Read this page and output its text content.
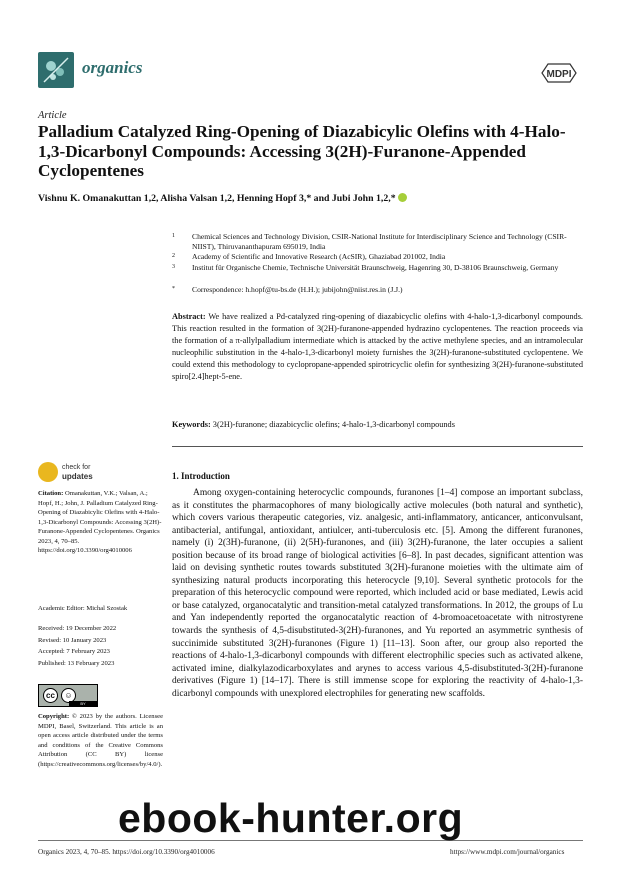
organics	MDPI
Article
Palladium Catalyzed Ring-Opening of Diazabicylic Olefins with 4-Halo-1,3-Dicarbonyl Compounds: Accessing 3(2H)-Furanone-Appended Cyclopentenes
Vishnu K. Omanakuttan 1,2, Alisha Valsan 1,2, Henning Hopf 3,* and Jubi John 1,2,*
1 Chemical Sciences and Technology Division, CSIR-National Institute for Interdisciplinary Science and Technology (CSIR-NIIST), Thiruvananthapuram 695019, India
2 Academy of Scientific and Innovative Research (AcSIR), Ghaziabad 201002, India
3 Institut für Organische Chemie, Technische Universität Braunschweig, Hagenring 30, D-38106 Braunschweig, Germany
* Correspondence: h.hopf@tu-bs.de (H.H.); jubijohn@niist.res.in (J.J.)

Abstract: We have realized a Pd-catalyzed ring-opening of diazabicyclic olefins with 4-halo-1,3-dicarbonyl compounds. This reaction resulted in the formation of 3(2H)-furanone-appended hydrazino cyclopentenes. The reaction proceeds via the formation of a π-allylpalladium intermediate which is attacked by the active methylene species, and an intramolecular nucleophilic substitution in the 4-halo-1,3-dicarbonyl moiety furnishes the 3(2H)-furanone-substituted cyclopentene. We could extend this methodology to cyclopropane-appended spirotricyclic olefin for synthesizing 3(2H)-furanone-substituted spiro[2.4]hept-5-ene.

Keywords: 3(2H)-furanone; diazabicyclic olefins; 4-halo-1,3-dicarbonyl compounds

check for
updates
Citation: Omanakuttan, V.K.; Valsan, A.; Hopf, H.; John, J. Palladium Catalyzed Ring-Opening of Diazabicylic Olefins with 4-Halo-1,3-Dicarbonyl Compounds: Accessing 3(2H)-Furanone-Appended Cyclopentenes. Organics 2023, 4, 70–85. https://doi.org/10.3390/org4010006
Academic Editor: Michal Szostak
Received: 19 December 2022
Revised: 10 January 2023
Accepted: 7 February 2023
Published: 13 February 2023
cc	☺
BY
Copyright: © 2023 by the authors. Licensee MDPI, Basel, Switzerland. This article is an open access article distributed under the terms and conditions of the Creative Commons Attribution (CC BY) license (https://creativecommons.org/licenses/by/4.0/).
1. Introduction

Among oxygen-containing heterocyclic compounds, furanones [1–4] compose an important subclass, as it constitutes the pharmacophores of many biologically active molecules (both natural and synthetic), which covers various therapeutic categories, viz. analgesic, anti-inflammatory, anticancer, anticonvulsant, antibacterial, antifungal, antioxidant, antiulcer, anti-tuberculosis etc. [5]. Among the different furanones, namely (i) 2(3H)-furanone, (ii) 2(5H)-furanones, and (iii) 3(2H)-furanone, the later occupies a salient position because of its broad range of biological activities [6–8]. In past decades, significant attention was laid on devising synthetic routes towards substituted 3(2H)-furanone moieties with the ultimate aim of synthesizing natural products incorporating this heterocycle [9,10]. Several synthetic protocols for the preparation of this heterocyclic compound were reported, which included acid or base mediated, Lewis acid or base catalyzed, organocatalytic and transition-metal catalyzed transformations. In 2012, the groups of Lu and Yan independently reported the organocatalytic reaction of 4-bromoacetoacetate with nitrostyrene towards the synthesis of 4,5-disubstituted-3(2H)-furanones, and Yu reported an asymmetric synthesis of succinimide substituted 3(2H)-furanones (Figure 1) [11–13]. Soon after, our group also reported the reactions of 4-halo-1,3-dicarbonyl compounds with different electrophilic species such as activated alkene, activated imine, dialkylazodicarboxylates and arynes to access various 4,5-disubstituted-3(2H)-furanone derivatives (Figure 1) [14–17]. There is still immense scope for exploring the reactivity of 4-halo-1,3-dicarbonyl compounds with unexplored electrophiles for generating new scaffolds.

Organics 2023, 4, 70–85. https://doi.org/10.3390/org4010006	https://www.mdpi.com/journal/organics
ebook-hunter.org
